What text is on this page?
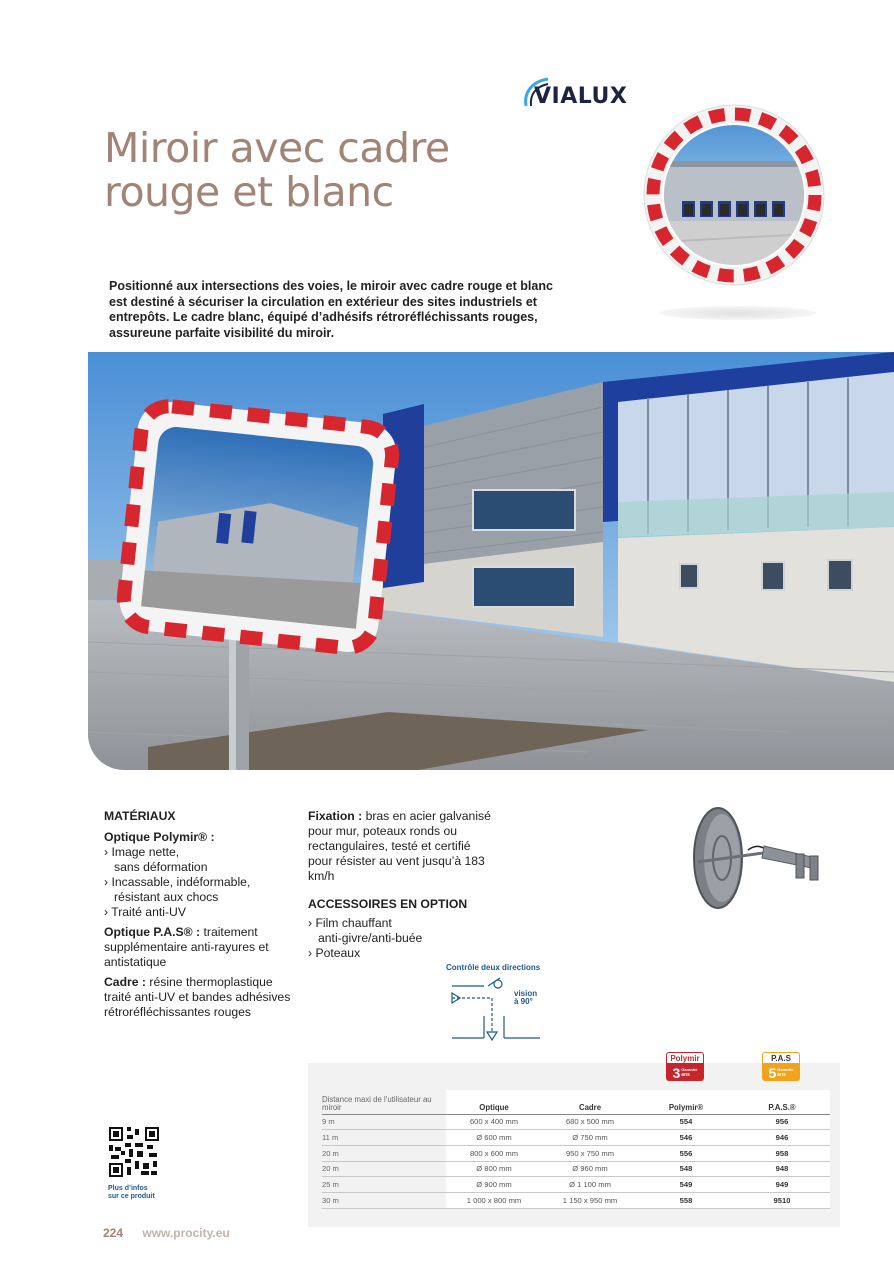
VIALUX
Miroir avec cadre
rouge et blanc

Positionné aux intersections des voies, le miroir avec cadre rouge et blanc est destiné à sécuriser la circulation en extérieur des sites industriels et entrepôts. Le cadre blanc, équipé d’adhésifs rétroréfléchissants rouges, assureune parfaite visibilité du miroir.

MATÉRIAUX
Optique Polymir® :
› Image nette,
sans déformation
› Incassable, indéformable,
résistant aux chocs
› Traité anti-UV
Optique P.A.S® : traitement supplémentaire anti-rayures et antistatique
Cadre : résine thermoplastique traité anti-UV et bandes adhésives rétroréfléchissantes rouges
Fixation : bras en acier galvanisé pour mur, poteaux ronds ou rectangulaires, testé et certifié pour résister au vent jusqu’à 183 km/h
ACCESSOIRES EN OPTION
› Film chauffant
anti-givre/anti-buée
› Poteaux
Contrôle deux directions
vision
à 90°
Polymir
3 Garantie
ans
P.A.S
5 Garantie
ans
Distance maxi de l’utilisateur au miroir	Optique	Cadre	Polymir®	P.A.S.®
9 m	600 x 400 mm	680 x 500 mm	554	956
11 m	Ø 600 mm	Ø 750 mm	546	946
20 m	800 x 600 mm	950 x 750 mm	556	958
20 m	Ø 800 mm	Ø 960 mm	548	948
25 m	Ø 900 mm	Ø 1 100 mm	549	949
30 m	1 000 x 800 mm	1 150 x 950 mm	558	9510
Plus d’infos
sur ce produit
224 www.procity.eu
